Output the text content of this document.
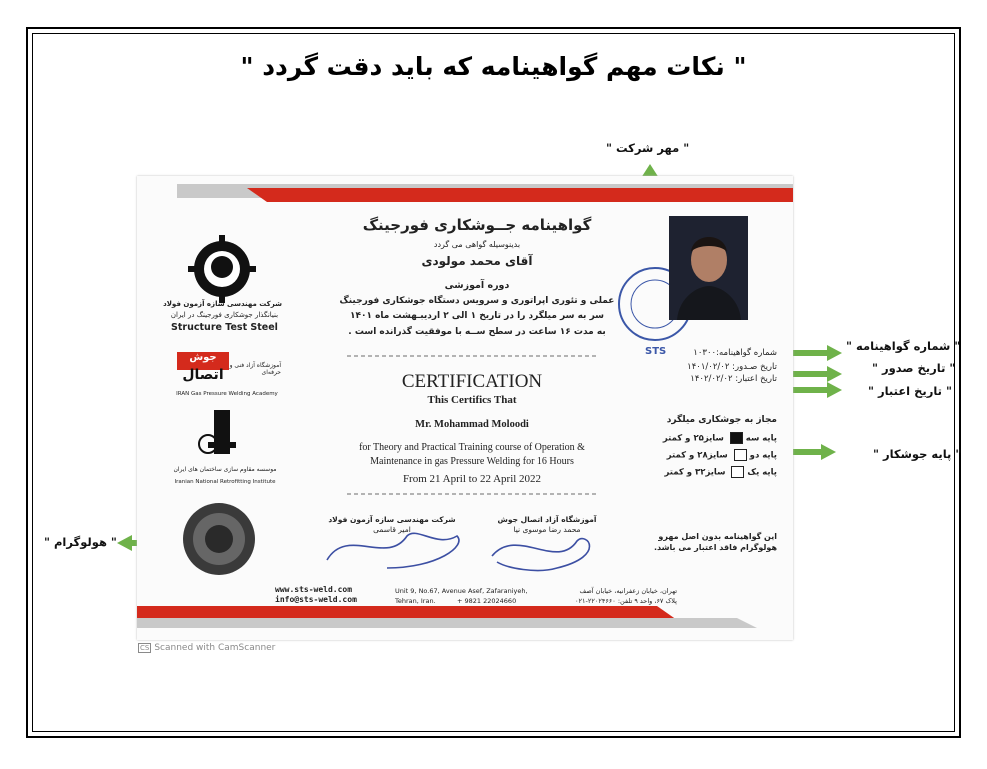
" نکات مهم گواهینامه که باید دقت گردد "
" مهر شرکت "
" شماره گواهینامه "
" تاریخ صدور "
" تاریخ اعتبار "
" پایه جوشکار "
" هولوگرام "
گواهینامه جــوشکاری فورجینگ
بدینوسیله گواهی می گردد
آقای محمد مولودی
دوره آموزشی
عملی و تئوری اپراتوری و سرویس دستگاه جوشکاری فورجینگ
سر به سر میلگرد را در تاریخ ۱ الی ۲ اردیبـهشت ماه ۱۴۰۱
به مدت ۱۶ ساعت در سطح ســه با موفقیت گذرانده است .
CERTIFICATION
This Certifics That
Mr. Mohammad Moloodi
for Theory and Practical Training course of Operation &
Maintenance in gas Pressure Welding for 16 Hours
From 21 April to 22 April 2022
STS	شماره گواهینامه:۱۰۳۰۰
تاریخ صـدور: ۱۴۰۱/۰۲/۰۲
تاریخ اعتبار: ۱۴۰۲/۰۲/۰۲
مجاز به جوشکاری میلگرد
پایه سه  سایز۲۵ و کمتر
پایه دو  سایز۲۸ و کمتر
پایه یک  سایز۳۲ و کمتر
این گواهینامه بدون اصل مهرو
هولوگرام فاقد اعتبار می باشد.
شرکت مهندسی سازه آزمون فولاد
بنیانگذار جوشکاری فورجینگ در ایران
Structure Test Steel
جوش
اتصال
آموزشگاه آزاد فنی و حرفه‌ای
IRAN Gas Pressure Welding Academy
موسسه مقاوم سازی ساختمان های ایران
Iranian National Retrofitting Institute
شرکت مهندسی سازه آزمون فولاد
امیر قاسمی
آموزشگاه آزاد اتصال جوش
محمد رضا موسوی نیا
www.sts-weld.com
info@sts-weld.com
Unit 9, No.67, Avenue Asef, Zafaraniyeh,
Tehran, Iran.	+ 9821 22024660
تهران، خیابان زعفرانیه، خیابان آصف
پلاک ۶۷، واحد ۹ تلفن: ۲۲۰۲۴۶۶۰-۰۲۱
CS Scanned with CamScanner
